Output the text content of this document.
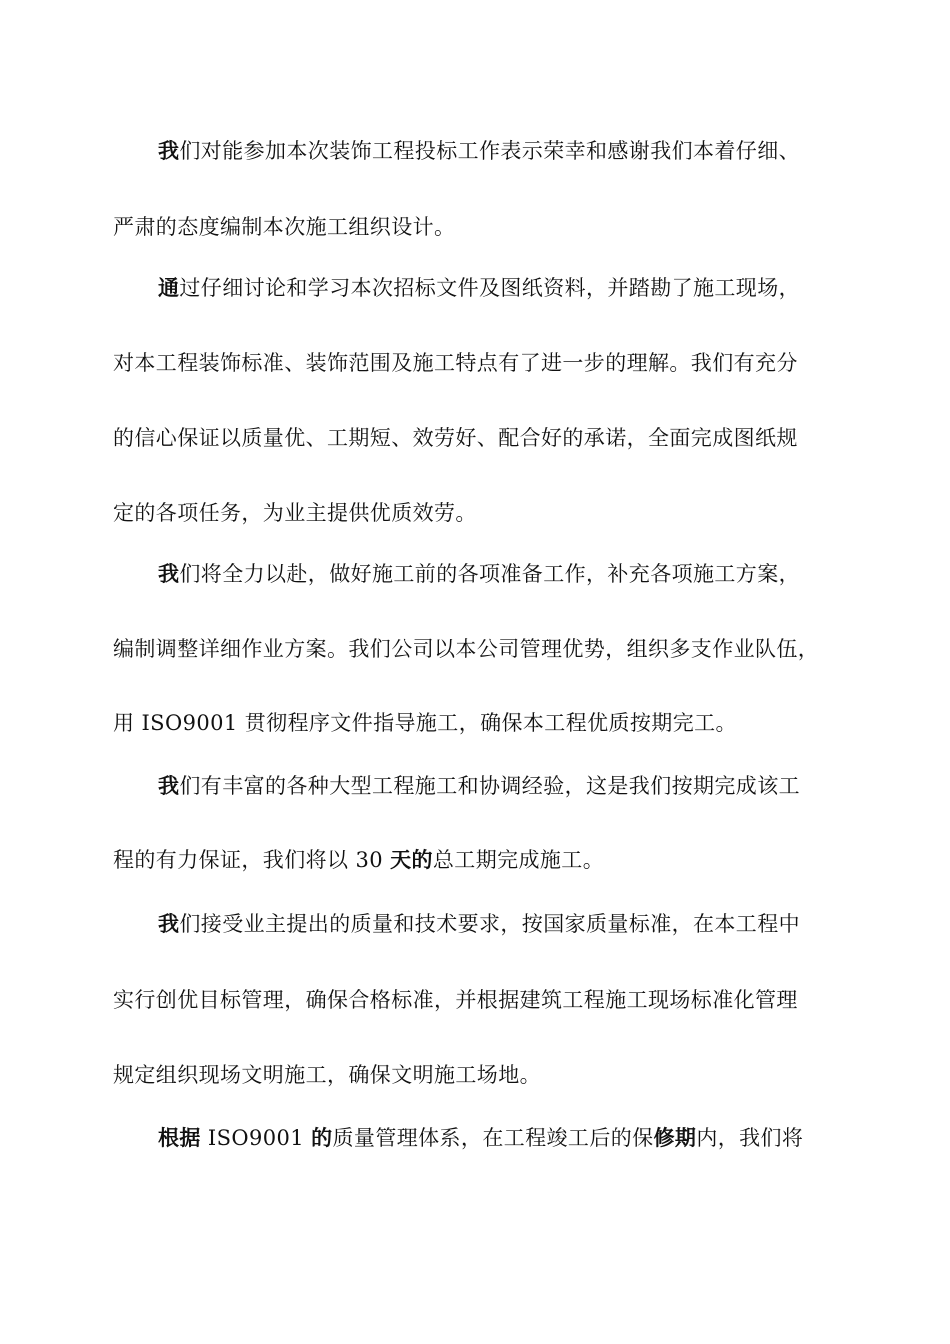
我们对能参加本次装饰工程投标工作表示荣幸和感谢我们本着仔细、
严肃的态度编制本次施工组织设计。
通过仔细讨论和学习本次招标文件及图纸资料，并踏勘了施工现场，
对本工程装饰标准、装饰范围及施工特点有了进一步的理解。我们有充分
的信心保证以质量优、工期短、效劳好、配合好的承诺，全面完成图纸规
定的各项任务，为业主提供优质效劳。
我们将全力以赴，做好施工前的各项准备工作，补充各项施工方案，
编制调整详细作业方案。我们公司以本公司管理优势，组织多支作业队伍，
用 ISO9001 贯彻程序文件指导施工，确保本工程优质按期完工。
我们有丰富的各种大型工程施工和协调经验，这是我们按期完成该工
程的有力保证，我们将以 30 天的总工期完成施工。
我们接受业主提出的质量和技术要求，按国家质量标准，在本工程中
实行创优目标管理，确保合格标准，并根据建筑工程施工现场标准化管理
规定组织现场文明施工，确保文明施工场地。
根据 ISO9001 的质量管理体系，在工程竣工后的保修期内，我们将
